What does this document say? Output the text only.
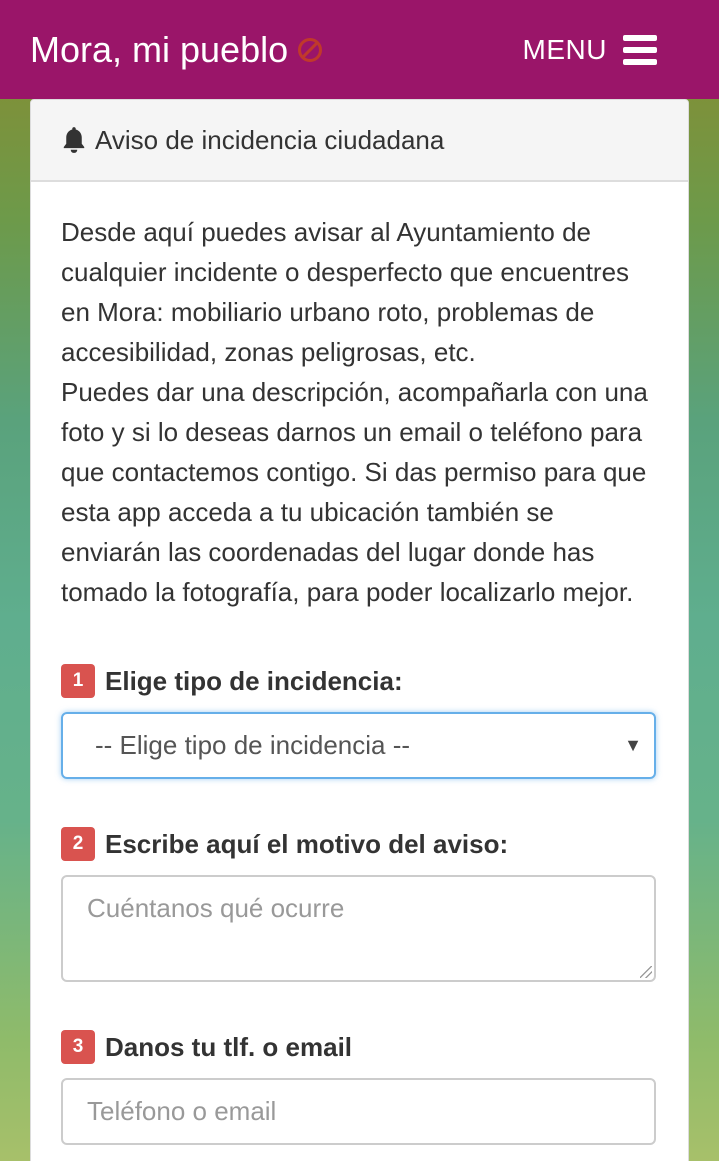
Mora, mi pueblo	MENU
Aviso de incidencia ciudadana

Desde aquí puedes avisar al Ayuntamiento de cualquier incidente o desperfecto que encuentres en Mora: mobiliario urbano roto, problemas de accesibilidad, zonas peligrosas, etc.

Puedes dar una descripción, acompañarla con una foto y si lo deseas darnos un email o teléfono para que contactemos contigo. Si das permiso para que esta app acceda a tu ubicación también se enviarán las coordenadas del lugar donde has tomado la fotografía, para poder localizarlo mejor.

1 Elige tipo de incidencia:
-- Elige tipo de incidencia --	▼
2 Escribe aquí el motivo del aviso:
Cuéntanos qué ocurre
3 Danos tu tlf. o email
Teléfono o email
